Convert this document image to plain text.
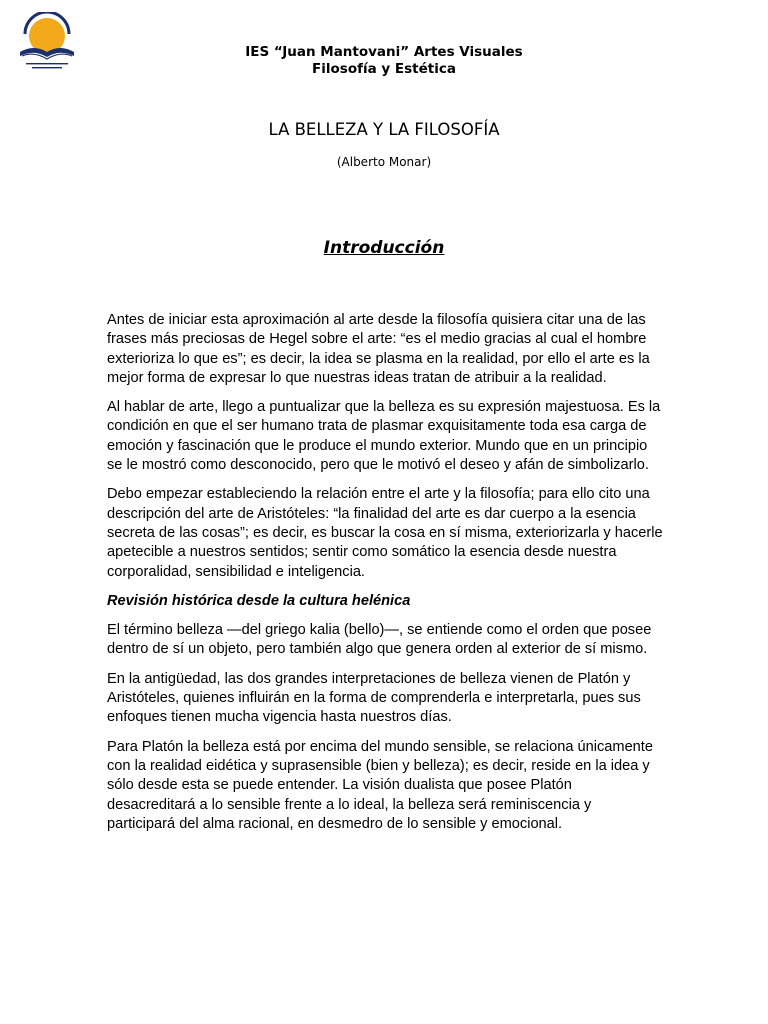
IES “Juan Mantovani” Artes Visuales
Filosofía y Estética
LA BELLEZA Y LA FILOSOFÍA
(Alberto Monar)
Introducción

Antes de iniciar esta aproximación al arte desde la filosofía quisiera citar una de las frases más preciosas de Hegel sobre el arte: “es el medio gracias al cual el hombre exterioriza lo que es”; es decir, la idea se plasma en la realidad, por ello el arte es la mejor forma de expresar lo que nuestras ideas tratan de atribuir a la realidad.

Al hablar de arte, llego a puntualizar que la belleza es su expresión majestuosa. Es la condición en que el ser humano trata de plasmar exquisitamente toda esa carga de emoción y fascinación que le produce el mundo exterior. Mundo que en un principio se le mostró como desconocido, pero que le motivó el deseo y afán de simbolizarlo.

Debo empezar estableciendo la relación entre el arte y la filosofía; para ello cito una descripción del arte de Aristóteles: “la finalidad del arte es dar cuerpo a la esencia secreta de las cosas”; es decir, es buscar la cosa en sí misma, exteriorizarla y hacerle apetecible a nuestros sentidos; sentir como somático la esencia desde nuestra corporalidad, sensibilidad e inteligencia.

Revisión histórica desde la cultura helénica

El término belleza —del griego kalia (bello)—, se entiende como el orden que posee dentro de sí un objeto, pero también algo que genera orden al exterior de sí mismo.

En la antigüedad, las dos grandes interpretaciones de belleza vienen de Platón y Aristóteles, quienes influirán en la forma de comprenderla e interpretarla, pues sus enfoques tienen mucha vigencia hasta nuestros días.

Para Platón la belleza está por encima del mundo sensible, se relaciona únicamente con la realidad eidética y suprasensible (bien y belleza); es decir, reside en la idea y sólo desde esta se puede entender. La visión dualista que posee Platón desacreditará a lo sensible frente a lo ideal, la belleza será reminiscencia y participará del alma racional, en desmedro de lo sensible y emocional.
